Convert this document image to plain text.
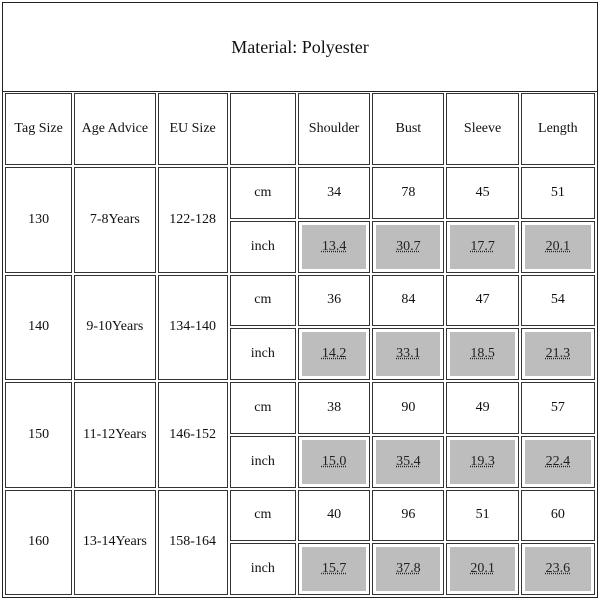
Material: Polyester
Tag Size	Age Advice	EU Size		Shoulder	Bust	Sleeve	Length
130	7-8Years	122-128	cm	34	78	45	51
			inch	13.4	30.7	17.7	20.1
140	9-10Years	134-140	cm	36	84	47	54
			inch	14.2	33.1	18.5	21.3
150	11-12Years	146-152	cm	38	90	49	57
			inch	15.0	35.4	19.3	22.4
160	13-14Years	158-164	cm	40	96	51	60
			inch	15.7	37.8	20.1	23.6
